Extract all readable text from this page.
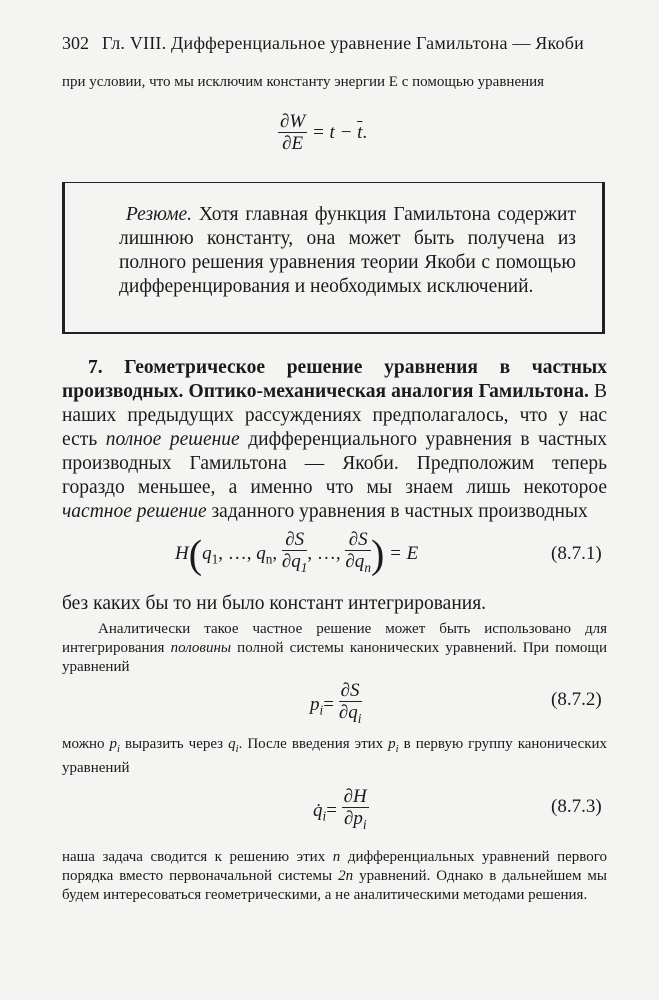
302 Гл. VIII. Дифференциальное уравнение Гамильтона — Якоби
при условии, что мы исключим константу энергии E с помощью уравнения
$\frac{\partial W}{\partial E} = t - \overline{t}$.
Резюме. Хотя главная функция Гамильтона содержит лишнюю константу, она может быть получена из полного решения уравнения теории Якоби с помощью дифференцирования и необходимых исключений.
7. Геометрическое решение уравнения в частных производных. Оптико-механическая аналогия Гамильтона. В наших предыдущих рассуждениях предполагалось, что у нас есть полное решение дифференциального уравнения в частных производных Гамильтона — Якоби. Предположим теперь гораздо меньшее, а именно что мы знаем лишь некоторое частное решение заданного уравнения в частных производных
$H(q_1$, …, $q_n$, $\frac{\partial S}{\partial q_1}$ , …, $\frac{\partial S}{\partial q_n}$ ) = E	(8.7.1)
без каких бы то ни было констант интегрирования.
Аналитически такое частное решение может быть использовано для интегрирования половины полной системы канонических уравнений. При помощи уравнений
$p_i= \frac{\partial S}{\partial q_i}$	(8.7.2)
можно $p_i$ выразить через $q_i$. После введения этих $p_i$ в первую группу канонических уравнений
$q̇_i= \frac{\partial H}{\partial p_i}$	(8.7.3)
наша задача сводится к решению этих n дифференциальных уравнений первого порядка вместо первоначальной системы 2n уравнений. Однако в дальнейшем мы будем интересоваться геометрическими, а не аналитическими методами решения.
